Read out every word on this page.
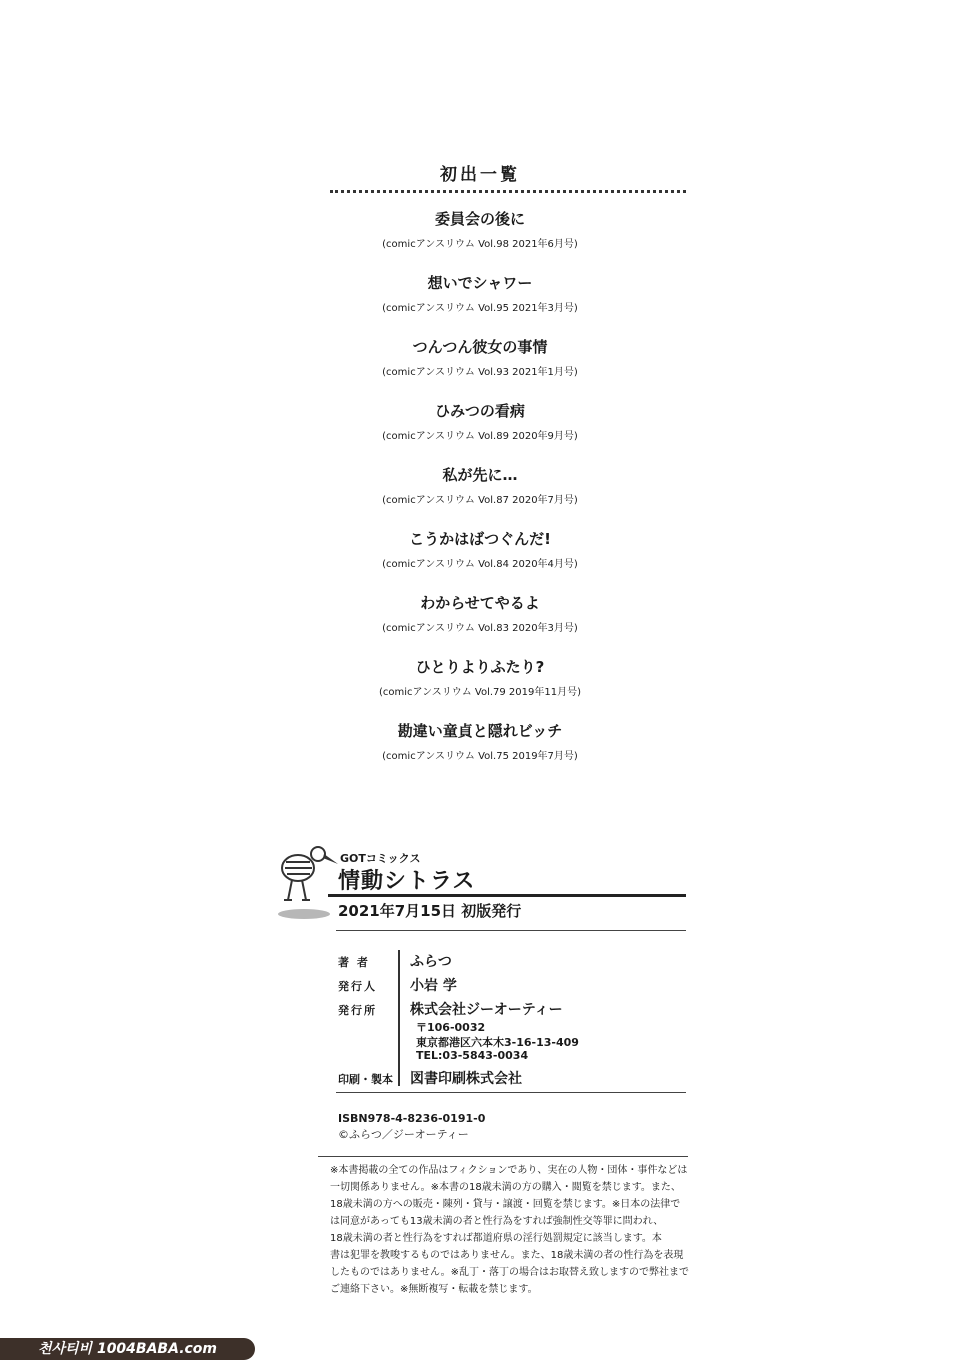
初出一覧
委員会の後に
(comicアンスリウム Vol.98 2021年6月号)
想いでシャワー
(comicアンスリウム Vol.95 2021年3月号)
つんつん彼女の事情
(comicアンスリウム Vol.93 2021年1月号)
ひみつの看病
(comicアンスリウム Vol.89 2020年9月号)
私が先に…
(comicアンスリウム Vol.87 2020年7月号)
こうかはばつぐんだ!
(comicアンスリウム Vol.84 2020年4月号)
わからせてやるよ
(comicアンスリウム Vol.83 2020年3月号)
ひとりよりふたり?
(comicアンスリウム Vol.79 2019年11月号)
勘違い童貞と隠れビッチ
(comicアンスリウム Vol.75 2019年7月号)
GOTコミックス
情動シトラス
2021年7月15日 初版発行
著 者	ふらつ
発行人 小岩 学
発行所 株式会社ジーオーティー
〒106-0032
東京都港区六本木3-16-13-409
TEL:03-5843-0034
印刷・製本 図書印刷株式会社
ISBN978-4-8236-0191-0
©ふらつ／ジーオーティー
※本書掲載の全ての作品はフィクションであり、実在の人物・団体・事件などは
一切関係ありません。※本書の18歳未満の方の購入・閲覧を禁じます。また、
18歳未満の方への販売・陳列・貸与・譲渡・回覧を禁じます。※日本の法律で
は同意があっても13歳未満の者と性行為をすれば強制性交等罪に問われ、
18歳未満の者と性行為をすれば都道府県の淫行処罰規定に該当します。本
書は犯罪を教唆するものではありません。また、18歳未満の者の性行為を表現
したものではありません。※乱丁・落丁の場合はお取替え致しますので弊社まで
ご連絡下さい。※無断複写・転載を禁じます。
천사티비 1004BABA.com
